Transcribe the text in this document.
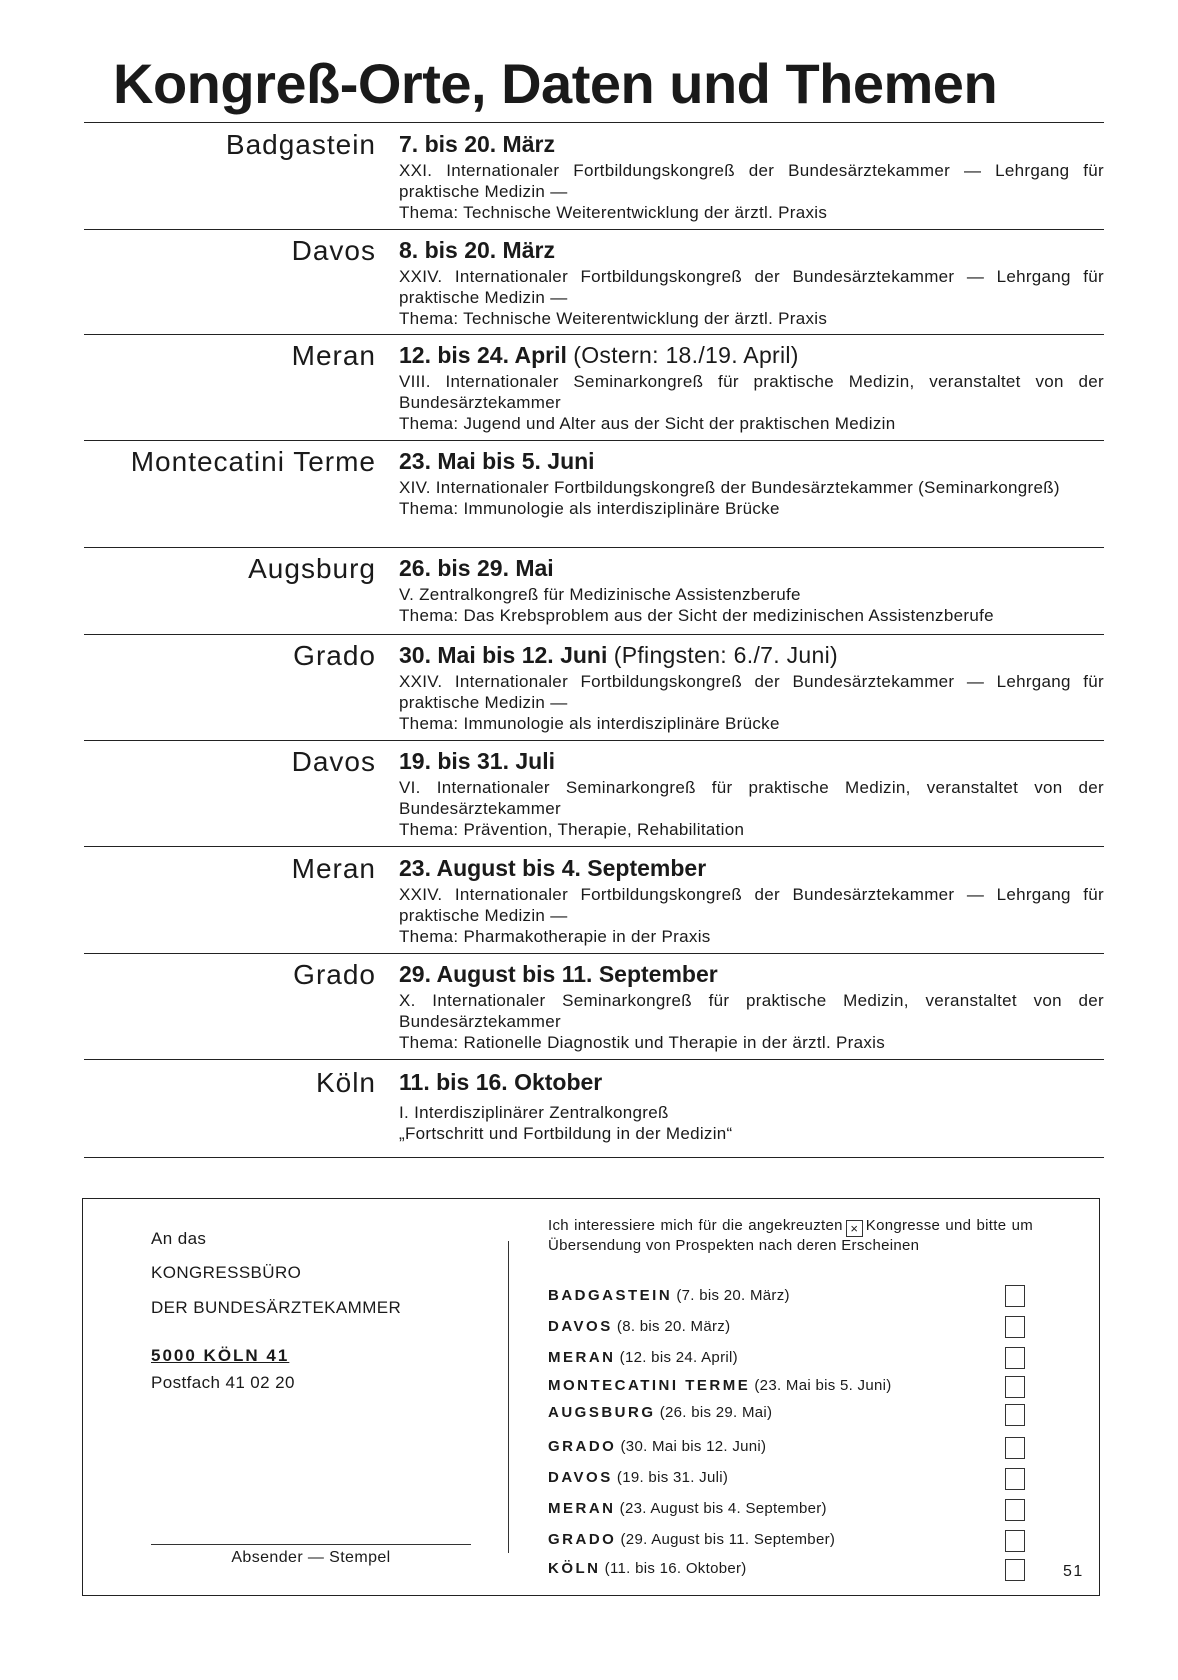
Kongreß-Orte, Daten und Themen
Badgastein 7. bis 20. März

XXI. Internationaler Fortbildungskongreß der Bundesärztekammer — Lehrgang für praktische Medizin —

Thema: Technische Weiterentwicklung der ärztl. Praxis

Davos 8. bis 20. März

XXIV. Internationaler Fortbildungskongreß der Bundesärztekammer — Lehrgang für praktische Medizin —

Thema: Technische Weiterentwicklung der ärztl. Praxis

Meran 12. bis 24. April (Ostern: 18./19. April)

VIII. Internationaler Seminarkongreß für praktische Medizin, veranstaltet von der Bundesärztekammer

Thema: Jugend und Alter aus der Sicht der praktischen Medizin

Montecatini Terme 23. Mai bis 5. Juni

XIV. Internationaler Fortbildungskongreß der Bundesärztekammer (Seminarkongreß)

Thema: Immunologie als interdisziplinäre Brücke

Augsburg 26. bis 29. Mai

V. Zentralkongreß für Medizinische Assistenzberufe

Thema: Das Krebsproblem aus der Sicht der medizinischen Assistenzberufe

Grado 30. Mai bis 12. Juni (Pfingsten: 6./7. Juni)

XXIV. Internationaler Fortbildungskongreß der Bundesärztekammer — Lehrgang für praktische Medizin —

Thema: Immunologie als interdisziplinäre Brücke

Davos 19. bis 31. Juli

VI. Internationaler Seminarkongreß für praktische Medizin, veranstaltet von der Bundesärztekammer

Thema: Prävention, Therapie, Rehabilitation

Meran 23. August bis 4. September

XXIV. Internationaler Fortbildungskongreß der Bundesärztekammer — Lehrgang für praktische Medizin —

Thema: Pharmakotherapie in der Praxis

Grado 29. August bis 11. September

X. Internationaler Seminarkongreß für praktische Medizin, veranstaltet von der Bundesärztekammer

Thema: Rationelle Diagnostik und Therapie in der ärztl. Praxis

Köln 11. bis 16. Oktober

I. Interdisziplinärer Zentralkongreß

„Fortschritt und Fortbildung in der Medizin“

An das
KONGRESSBÜRO
DER BUNDESÄRZTEKAMMER
5000 KÖLN 41
Postfach 41 02 20
Absender — Stempel
Ich interessiere mich für die angekreuzten × Kongresse und bitte um Übersendung von Prospekten nach deren Erscheinen
BADGASTEIN (7. bis 20. März)
DAVOS (8. bis 20. März)
MERAN (12. bis 24. April)
MONTECATINI TERME (23. Mai bis 5. Juni)
AUGSBURG (26. bis 29. Mai)
GRADO (30. Mai bis 12. Juni)
DAVOS (19. bis 31. Juli)
MERAN (23. August bis 4. September)
GRADO (29. August bis 11. September)
KÖLN (11. bis 16. Oktober)	51
